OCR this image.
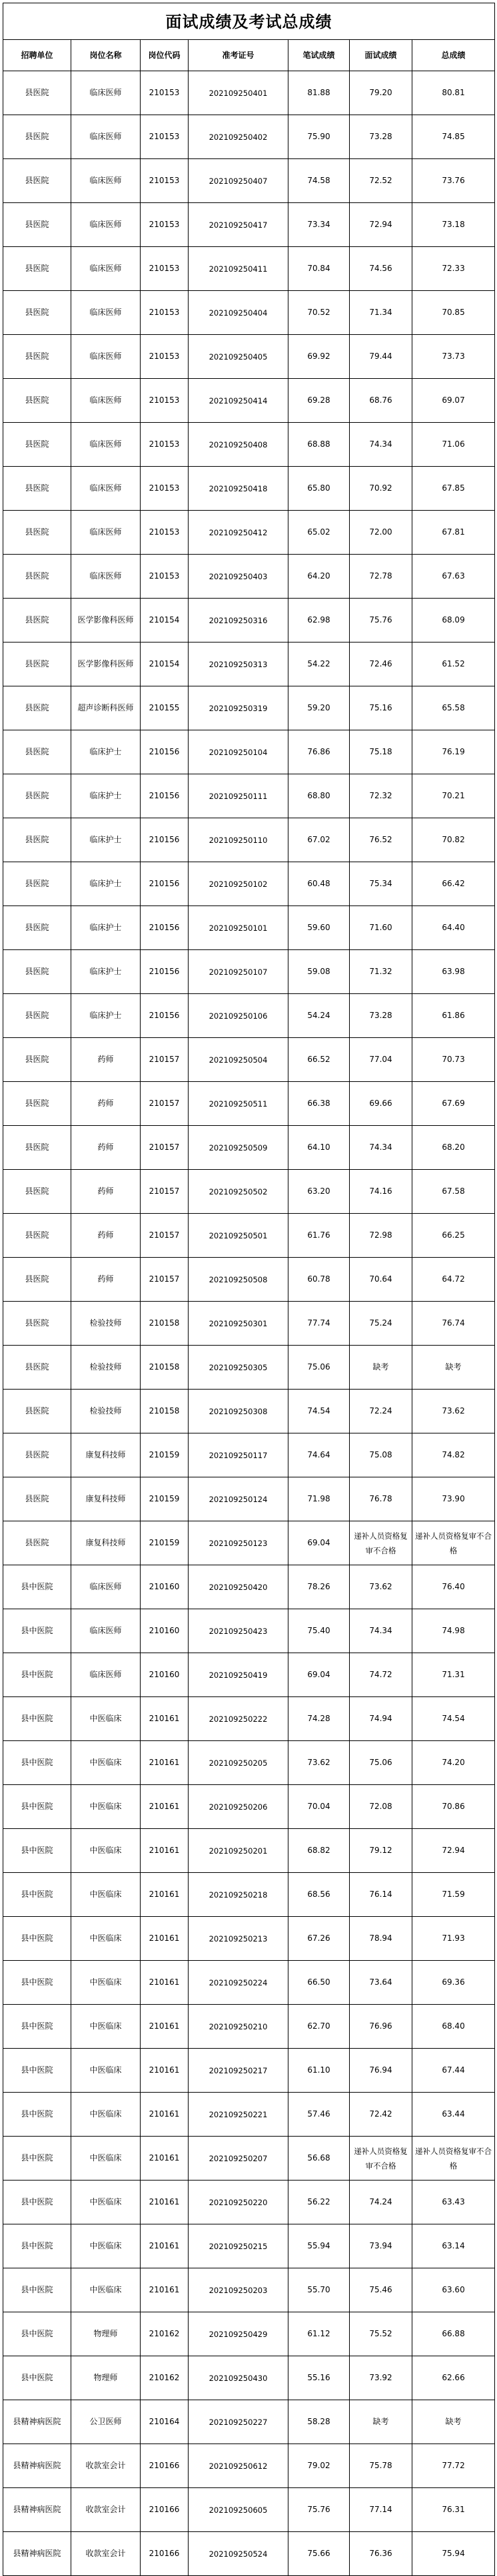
面试成绩及考试总成绩						
招聘单位	岗位名称	岗位代码	准考证号	笔试成绩	面试成绩	总成绩
县医院	临床医师	210153	202109250401	81.88	79.20	80.81
县医院	临床医师	210153	202109250402	75.90	73.28	74.85
县医院	临床医师	210153	202109250407	74.58	72.52	73.76
县医院	临床医师	210153	202109250417	73.34	72.94	73.18
县医院	临床医师	210153	202109250411	70.84	74.56	72.33
县医院	临床医师	210153	202109250404	70.52	71.34	70.85
县医院	临床医师	210153	202109250405	69.92	79.44	73.73
县医院	临床医师	210153	202109250414	69.28	68.76	69.07
县医院	临床医师	210153	202109250408	68.88	74.34	71.06
县医院	临床医师	210153	202109250418	65.80	70.92	67.85
县医院	临床医师	210153	202109250412	65.02	72.00	67.81
县医院	临床医师	210153	202109250403	64.20	72.78	67.63
县医院	医学影像科医师	210154	202109250316	62.98	75.76	68.09
县医院	医学影像科医师	210154	202109250313	54.22	72.46	61.52
县医院	超声诊断科医师	210155	202109250319	59.20	75.16	65.58
县医院	临床护士	210156	202109250104	76.86	75.18	76.19
县医院	临床护士	210156	202109250111	68.80	72.32	70.21
县医院	临床护士	210156	202109250110	67.02	76.52	70.82
县医院	临床护士	210156	202109250102	60.48	75.34	66.42
县医院	临床护士	210156	202109250101	59.60	71.60	64.40
县医院	临床护士	210156	202109250107	59.08	71.32	63.98
县医院	临床护士	210156	202109250106	54.24	73.28	61.86
县医院	药师	210157	202109250504	66.52	77.04	70.73
县医院	药师	210157	202109250511	66.38	69.66	67.69
县医院	药师	210157	202109250509	64.10	74.34	68.20
县医院	药师	210157	202109250502	63.20	74.16	67.58
县医院	药师	210157	202109250501	61.76	72.98	66.25
县医院	药师	210157	202109250508	60.78	70.64	64.72
县医院	检验技师	210158	202109250301	77.74	75.24	76.74
县医院	检验技师	210158	202109250305	75.06	缺考	缺考
县医院	检验技师	210158	202109250308	74.54	72.24	73.62
县医院	康复科技师	210159	202109250117	74.64	75.08	74.82
县医院	康复科技师	210159	202109250124	71.98	76.78	73.90
县医院	康复科技师	210159	202109250123	69.04	递补人员资格复审不合格	递补人员资格复审不合格
县中医院	临床医师	210160	202109250420	78.26	73.62	76.40
县中医院	临床医师	210160	202109250423	75.40	74.34	74.98
县中医院	临床医师	210160	202109250419	69.04	74.72	71.31
县中医院	中医临床	210161	202109250222	74.28	74.94	74.54
县中医院	中医临床	210161	202109250205	73.62	75.06	74.20
县中医院	中医临床	210161	202109250206	70.04	72.08	70.86
县中医院	中医临床	210161	202109250201	68.82	79.12	72.94
县中医院	中医临床	210161	202109250218	68.56	76.14	71.59
县中医院	中医临床	210161	202109250213	67.26	78.94	71.93
县中医院	中医临床	210161	202109250224	66.50	73.64	69.36
县中医院	中医临床	210161	202109250210	62.70	76.96	68.40
县中医院	中医临床	210161	202109250217	61.10	76.94	67.44
县中医院	中医临床	210161	202109250221	57.46	72.42	63.44
县中医院	中医临床	210161	202109250207	56.68	递补人员资格复审不合格	递补人员资格复审不合格
县中医院	中医临床	210161	202109250220	56.22	74.24	63.43
县中医院	中医临床	210161	202109250215	55.94	73.94	63.14
县中医院	中医临床	210161	202109250203	55.70	75.46	63.60
县中医院	物理师	210162	202109250429	61.12	75.52	66.88
县中医院	物理师	210162	202109250430	55.16	73.92	62.66
县精神病医院	公卫医师	210164	202109250227	58.28	缺考	缺考
县精神病医院	收款室会计	210166	202109250612	79.02	75.78	77.72
县精神病医院	收款室会计	210166	202109250605	75.76	77.14	76.31
县精神病医院	收款室会计	210166	202109250524	75.66	76.36	75.94
